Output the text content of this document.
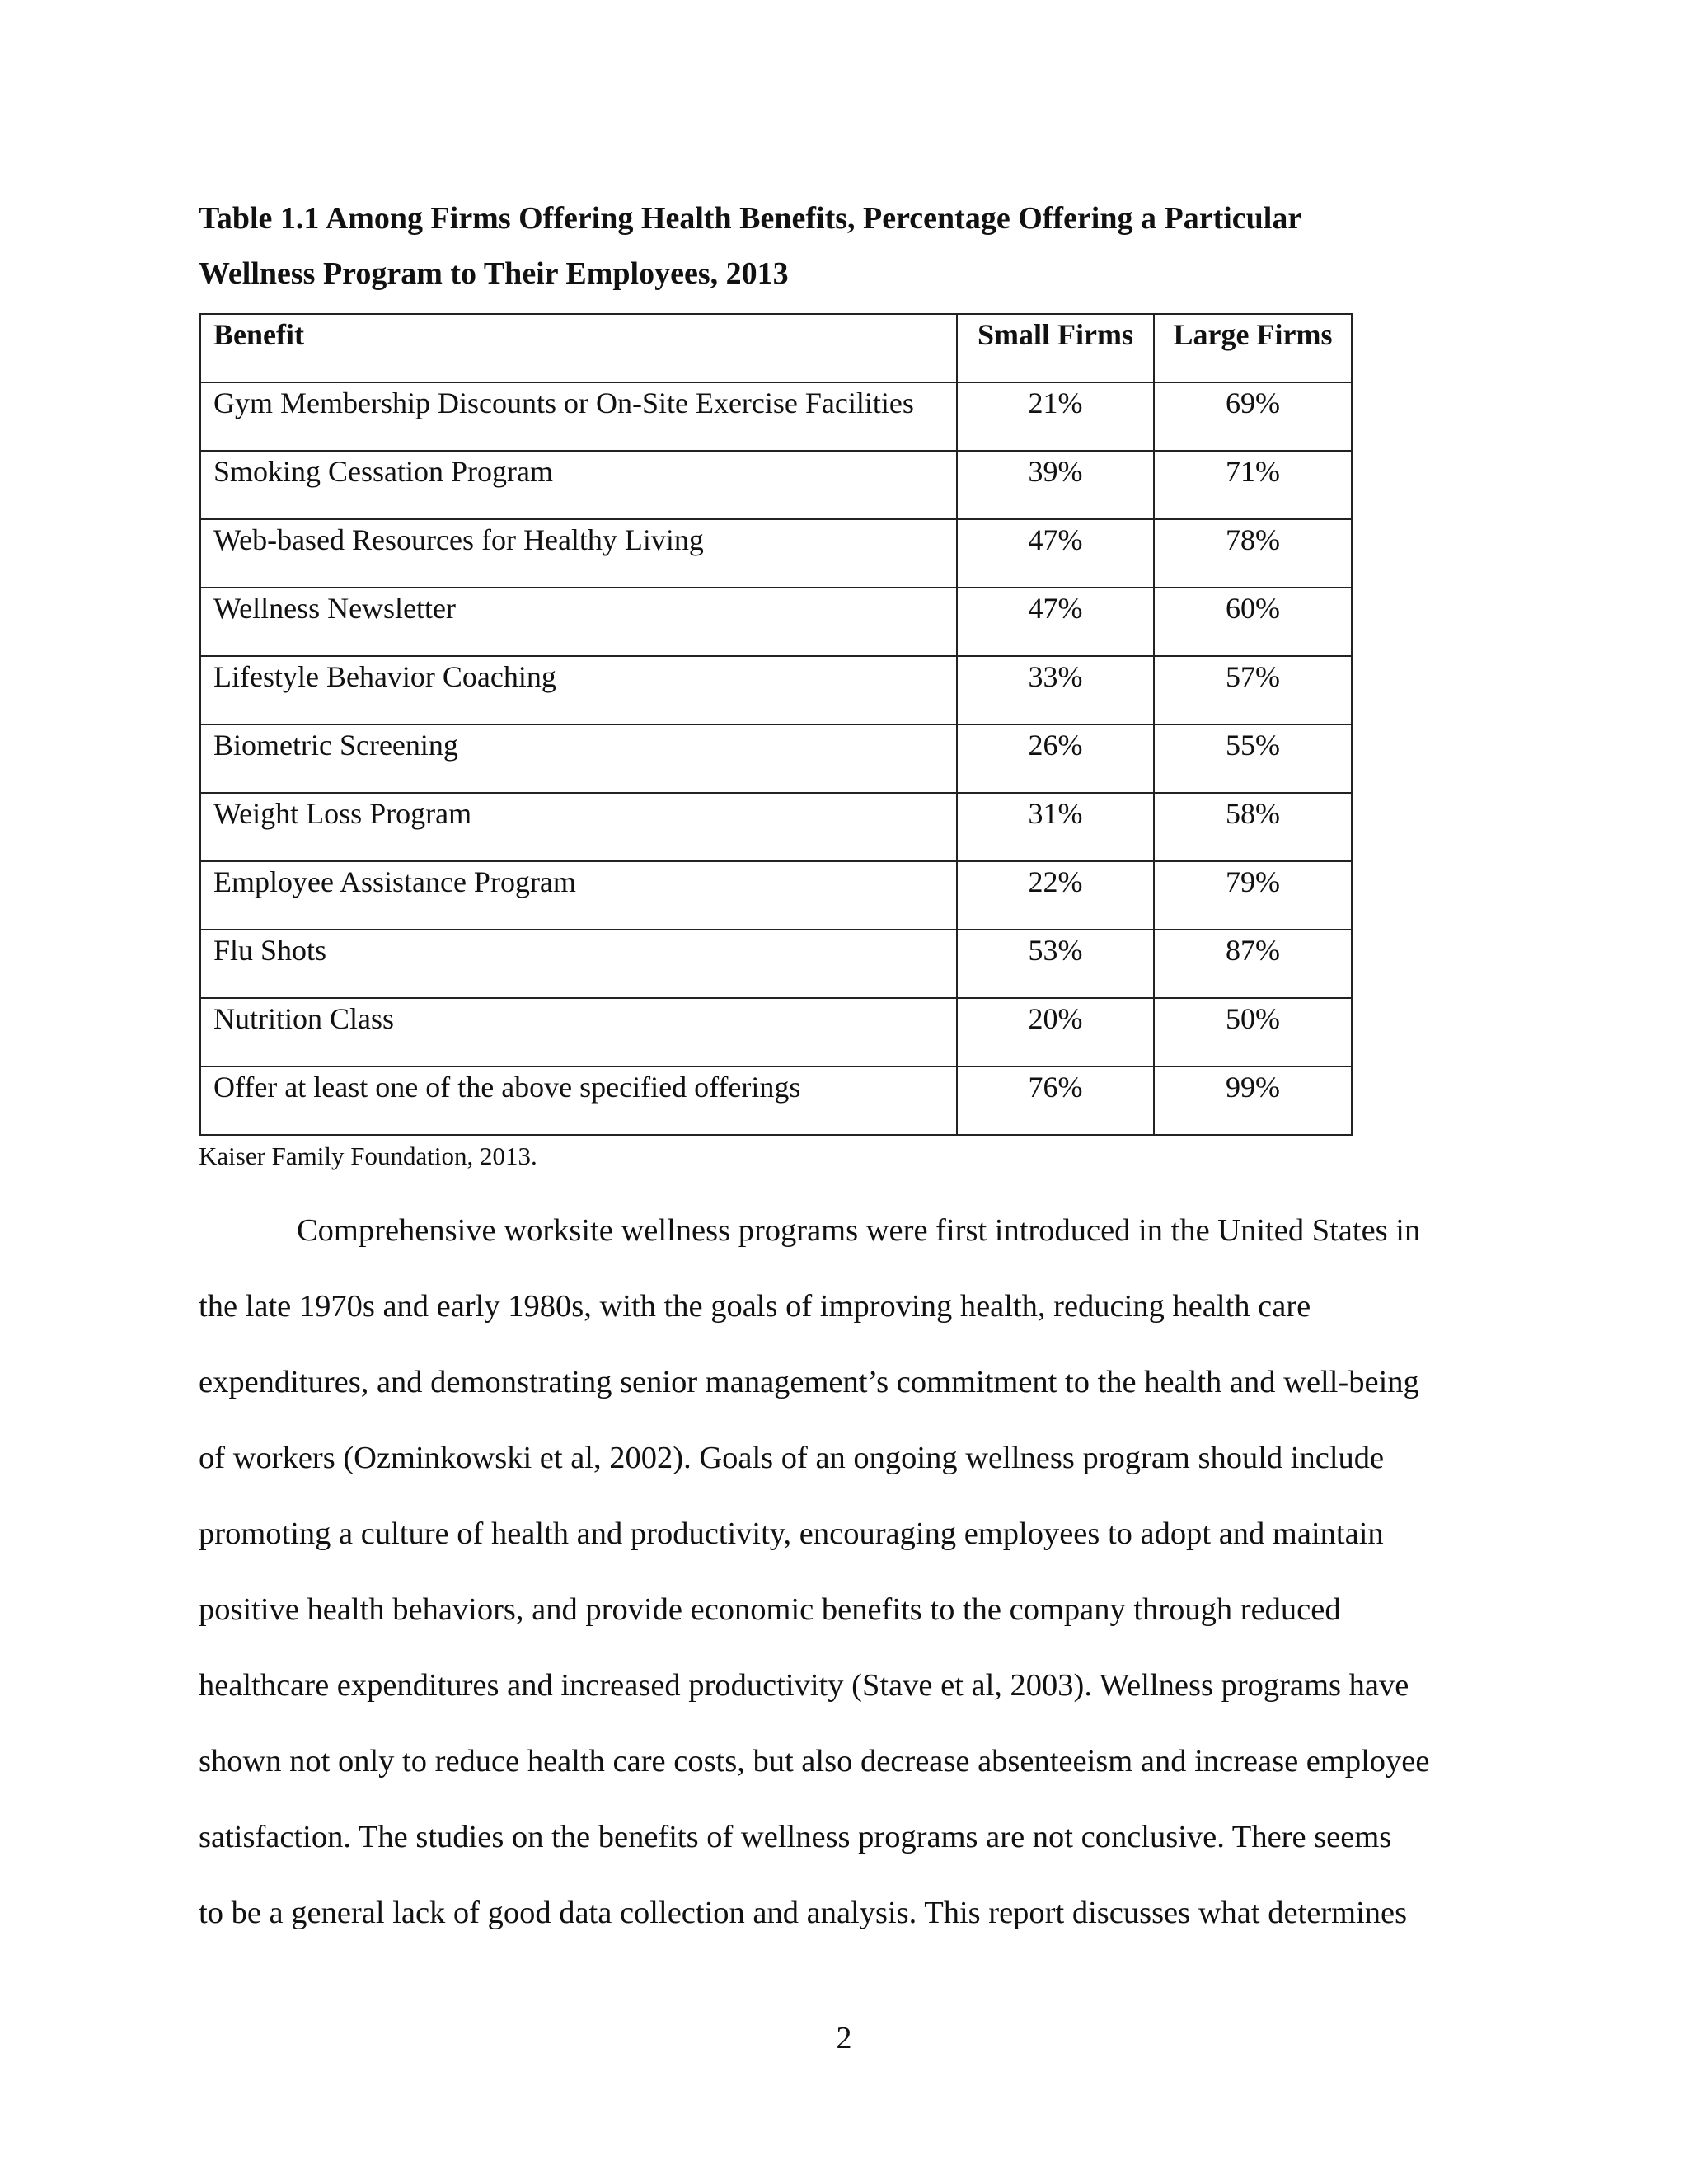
Table 1.1 Among Firms Offering Health Benefits, Percentage Offering a Particular
Wellness Program to Their Employees, 2013
Benefit	Small Firms	Large Firms
Gym Membership Discounts or On-Site Exercise Facilities	21%	69%
Smoking Cessation Program	39%	71%
Web-based Resources for Healthy Living	47%	78%
Wellness Newsletter	47%	60%
Lifestyle Behavior Coaching	33%	57%
Biometric Screening	26%	55%
Weight Loss Program	31%	58%
Employee Assistance Program	22%	79%
Flu Shots	53%	87%
Nutrition Class	20%	50%
Offer at least one of the above specified offerings	76%	99%
Kaiser Family Foundation, 2013.
Comprehensive worksite wellness programs were first introduced in the United States in
the late 1970s and early 1980s, with the goals of improving health, reducing health care
expenditures, and demonstrating senior management’s commitment to the health and well-being
of workers (Ozminkowski et al, 2002). Goals of an ongoing wellness program should include
promoting a culture of health and productivity, encouraging employees to adopt and maintain
positive health behaviors, and provide economic benefits to the company through reduced
healthcare expenditures and increased productivity (Stave et al, 2003). Wellness programs have
shown not only to reduce health care costs, but also decrease absenteeism and increase employee
satisfaction. The studies on the benefits of wellness programs are not conclusive. There seems
to be a general lack of good data collection and analysis. This report discusses what determines
2
